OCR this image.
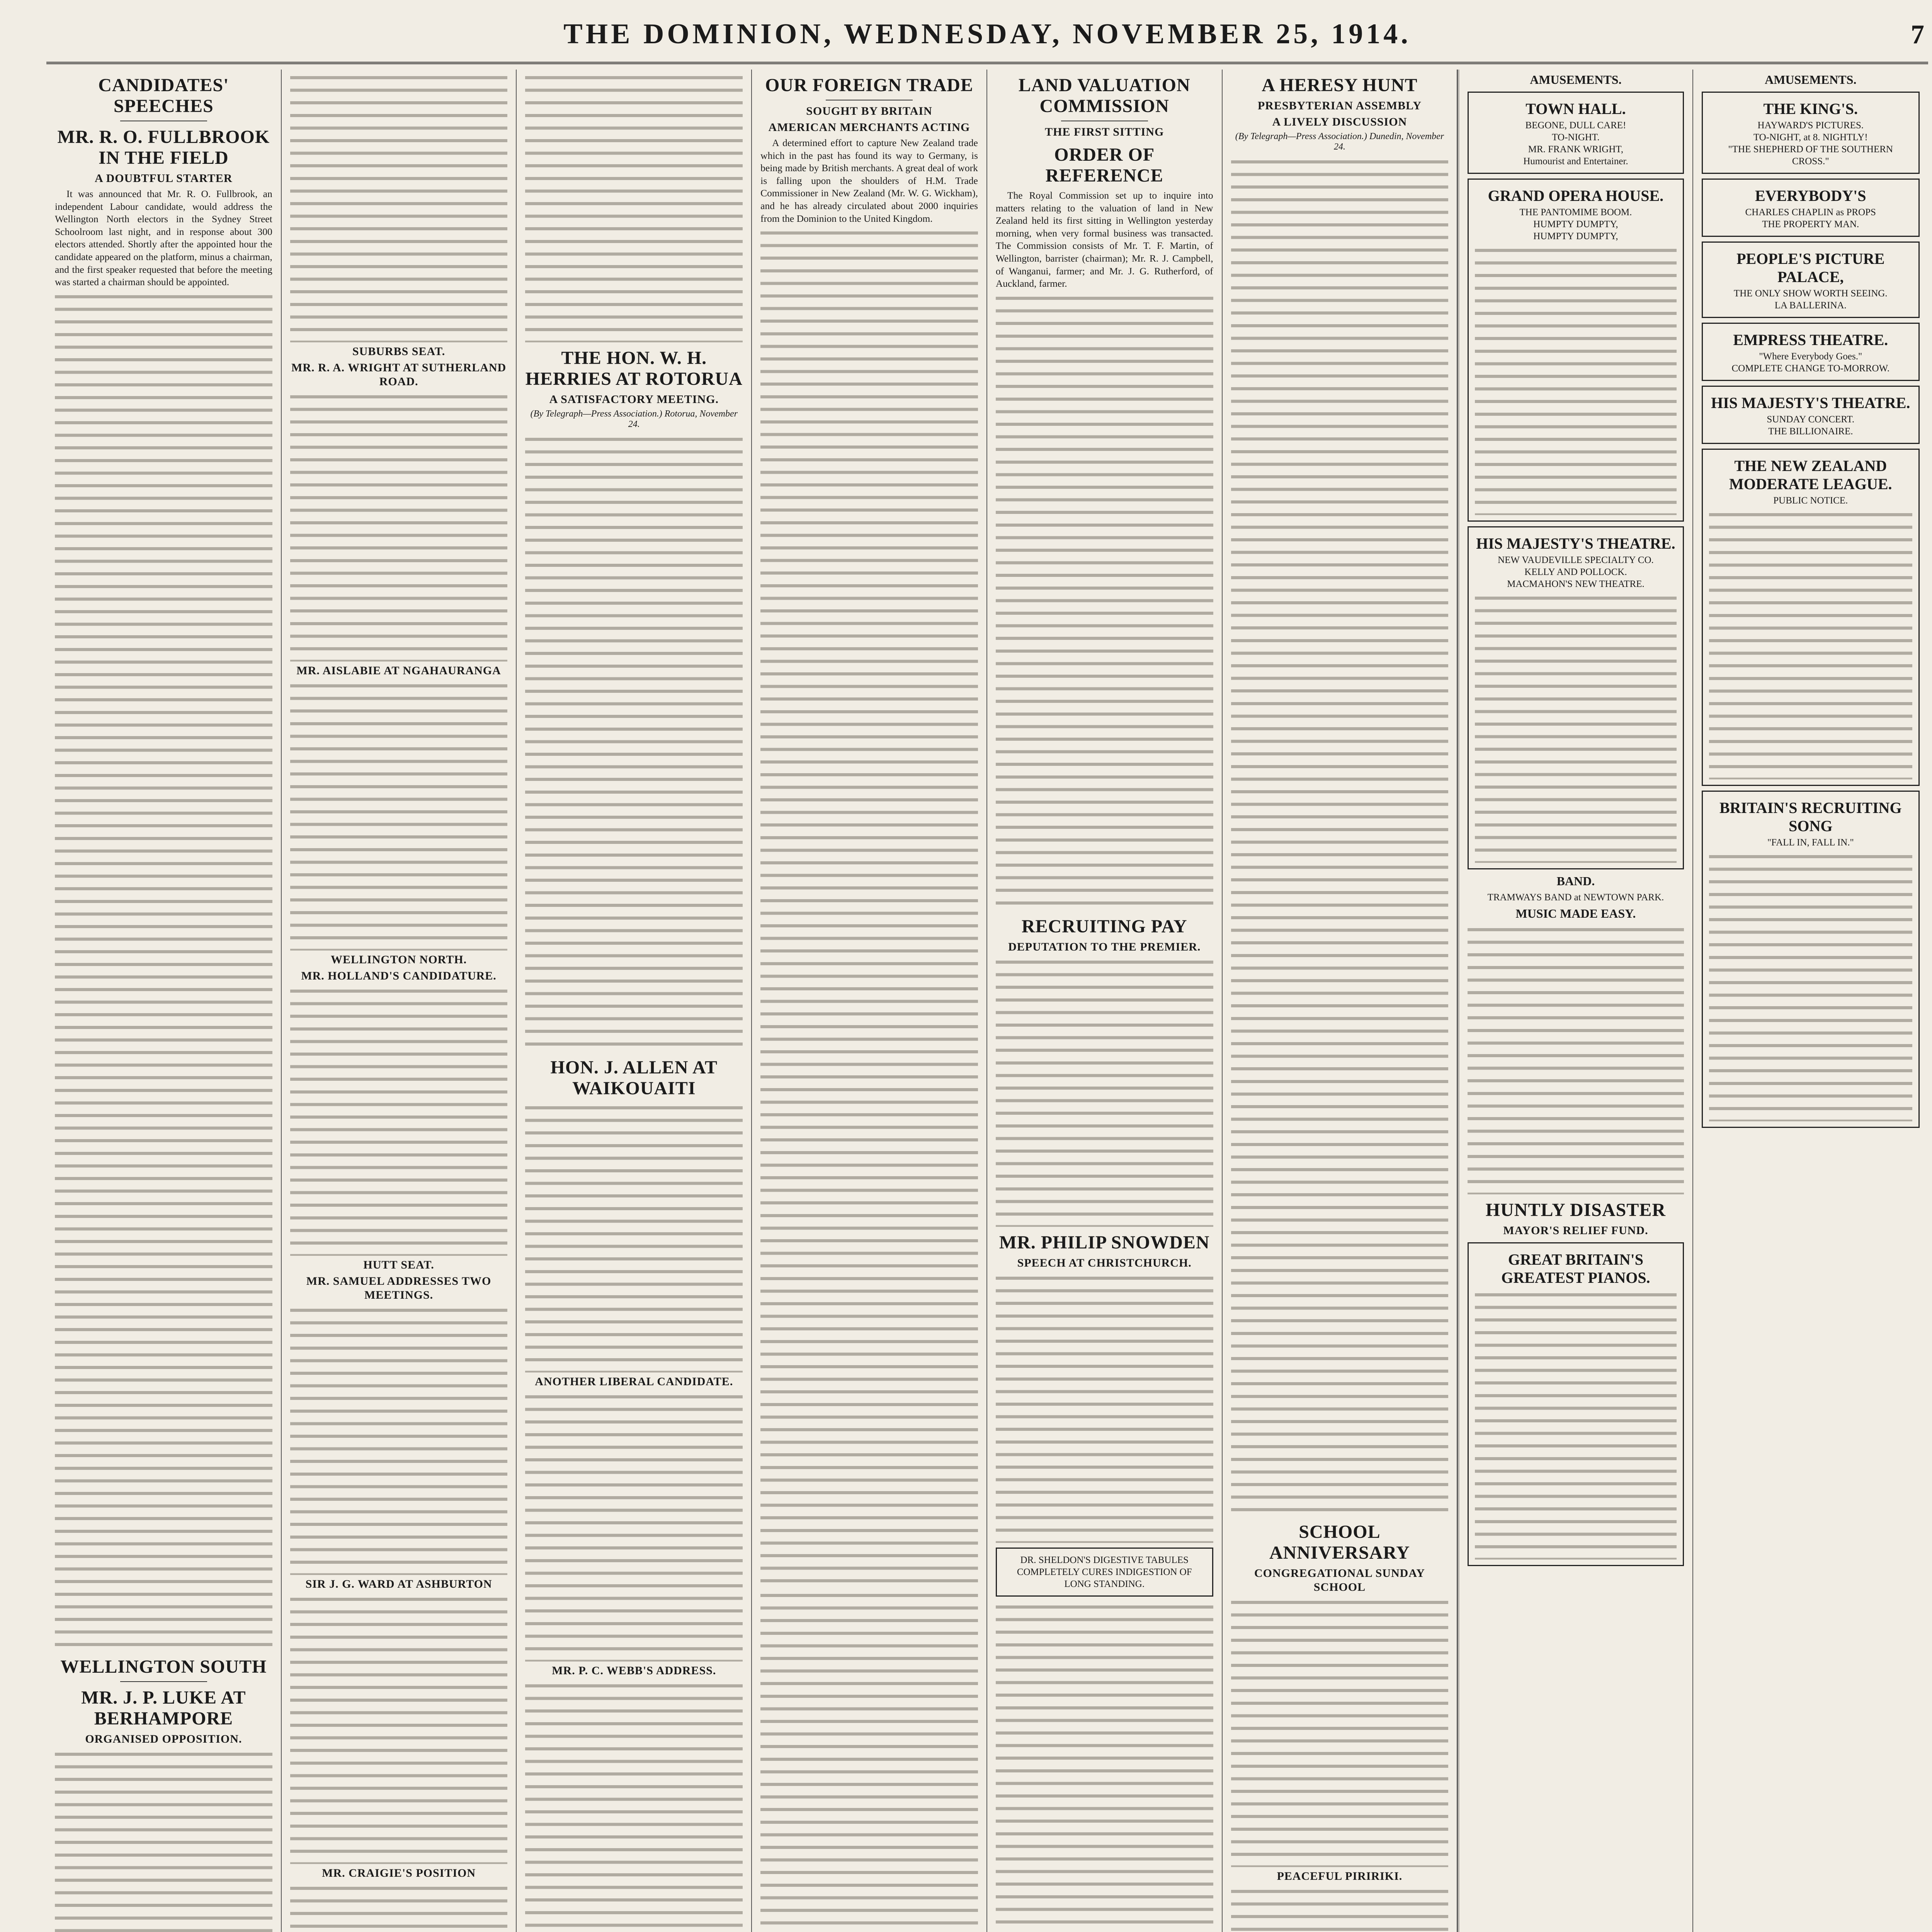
THE DOMINION, WEDNESDAY, NOVEMBER 25, 1914.	7
CANDIDATES' SPEECHES
MR. R. O. FULLBROOK IN THE FIELD
A DOUBTFUL STARTER

It was announced that Mr. R. O. Fullbrook, an independent Labour candidate, would address the Wellington North electors in the Sydney Street Schoolroom last night, and in response about 300 electors attended. Shortly after the appointed hour the candidate appeared on the platform, minus a chairman, and the first speaker requested that before the meeting was started a chairman should be appointed.

WELLINGTON SOUTH
MR. J. P. LUKE AT BERHAMPORE
ORGANISED OPPOSITION.
SUBURBS SEAT.
MR. R. A. WRIGHT AT SUTHERLAND ROAD.
MR. AISLABIE AT NGAHAURANGA
WELLINGTON NORTH.
MR. HOLLAND'S CANDIDATURE.
HUTT SEAT.
MR. SAMUEL ADDRESSES TWO MEETINGS.
SIR J. G. WARD AT ASHBURTON
MR. CRAIGIE'S POSITION
THE HON. W. H. HERRIES AT ROTORUA
A SATISFACTORY MEETING.
(By Telegraph—Press Association.) Rotorua, November 24.
HON. J. ALLEN AT WAIKOUAITI
ANOTHER LIBERAL CANDIDATE.
MR. P. C. WEBB'S ADDRESS.

OUR FOREIGN TRADE
SOUGHT BY BRITAIN
AMERICAN MERCHANTS ACTING

A determined effort to capture New Zealand trade which in the past has found its way to Germany, is being made by British merchants. A great deal of work is falling upon the shoulders of H.M. Trade Commissioner in New Zealand (Mr. W. G. Wickham), and he has already circulated about 2000 inquiries from the Dominion to the United Kingdom.

LAND VALUATION COMMISSION
THE FIRST SITTING
ORDER OF REFERENCE

The Royal Commission set up to inquire into matters relating to the valuation of land in New Zealand held its first sitting in Wellington yesterday morning, when very formal business was transacted. The Commission consists of Mr. T. F. Martin, of Wellington, barrister (chairman); Mr. R. J. Campbell, of Wanganui, farmer; and Mr. J. G. Rutherford, of Auckland, farmer.

RECRUITING PAY
DEPUTATION TO THE PREMIER.
MR. PHILIP SNOWDEN
SPEECH AT CHRISTCHURCH.

DR. SHELDON'S DIGESTIVE TABULES COMPLETELY CURES INDIGESTION OF LONG STANDING.

A HERESY HUNT
PRESBYTERIAN ASSEMBLY
A LIVELY DISCUSSION
(By Telegraph—Press Association.) Dunedin, November 24.
SCHOOL ANNIVERSARY
CONGREGATIONAL SUNDAY SCHOOL
PEACEFUL PIRIRIKI.
AMUSEMENTS.
TOWN HALL.

BEGONE, DULL CARE!

TO-NIGHT.

MR. FRANK WRIGHT,

Humourist and Entertainer.

GRAND OPERA HOUSE.

THE PANTOMIME BOOM.

HUMPTY DUMPTY,

HUMPTY DUMPTY,

HIS MAJESTY'S THEATRE.

NEW VAUDEVILLE SPECIALTY CO.

KELLY AND POLLOCK.

MACMAHON'S NEW THEATRE.

BAND.

TRAMWAYS BAND at NEWTOWN PARK.

MUSIC MADE EASY.
HUNTLY DISASTER
MAYOR'S RELIEF FUND.
GREAT BRITAIN'S GREATEST PIANOS.
AMUSEMENTS.
THE KING'S.

HAYWARD'S PICTURES.

TO-NIGHT, at 8. NIGHTLY!

"THE SHEPHERD OF THE SOUTHERN CROSS."

EVERYBODY'S

CHARLES CHAPLIN as PROPS

THE PROPERTY MAN.

PEOPLE'S PICTURE PALACE,

THE ONLY SHOW WORTH SEEING.

LA BALLERINA.

EMPRESS THEATRE.

"Where Everybody Goes."

COMPLETE CHANGE TO-MORROW.

HIS MAJESTY'S THEATRE.

SUNDAY CONCERT.

THE BILLIONAIRE.

THE NEW ZEALAND MODERATE LEAGUE.

PUBLIC NOTICE.

BRITAIN'S RECRUITING SONG

"FALL IN, FALL IN."
